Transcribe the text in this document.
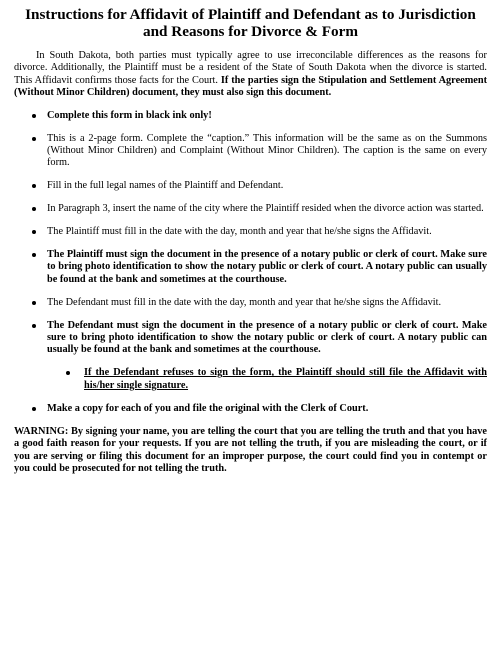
Instructions for Affidavit of Plaintiff and Defendant as to Jurisdiction and Reasons for Divorce & Form

In South Dakota, both parties must typically agree to use irreconcilable differences as the reasons for divorce. Additionally, the Plaintiff must be a resident of the State of South Dakota when the divorce is started. This Affidavit confirms those facts for the Court. If the parties sign the Stipulation and Settlement Agreement (Without Minor Children) document, they must also sign this document.

Complete this form in black ink only!
This is a 2-page form. Complete the “caption.” This information will be the same as on the Summons (Without Minor Children) and Complaint (Without Minor Children). The caption is the same on every form.
Fill in the full legal names of the Plaintiff and Defendant.
In Paragraph 3, insert the name of the city where the Plaintiff resided when the divorce action was started.
The Plaintiff must fill in the date with the day, month and year that he/she signs the Affidavit.
The Plaintiff must sign the document in the presence of a notary public or clerk of court. Make sure to bring photo identification to show the notary public or clerk of court. A notary public can usually be found at the bank and sometimes at the courthouse.
The Defendant must fill in the date with the day, month and year that he/she signs the Affidavit.
The Defendant must sign the document in the presence of a notary public or clerk of court. Make sure to bring photo identification to show the notary public or clerk of court. A notary public can usually be found at the bank and sometimes at the courthouse.
If the Defendant refuses to sign the form, the Plaintiff should still file the Affidavit with his/her single signature.
Make a copy for each of you and file the original with the Clerk of Court.

WARNING: By signing your name, you are telling the court that you are telling the truth and that you have a good faith reason for your requests. If you are not telling the truth, if you are misleading the court, or if you are serving or filing this document for an improper purpose, the court could find you in contempt or you could be prosecuted for not telling the truth.
